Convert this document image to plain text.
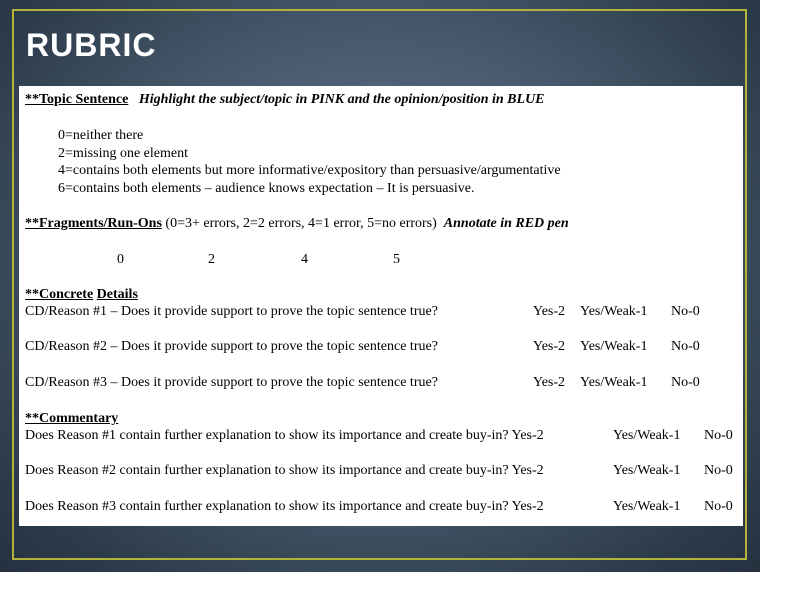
RUBRIC
**Topic Sentence Highlight the subject/topic in PINK and the opinion/position in BLUE
0=neither there
2=missing one element
4=contains both elements but more informative/expository than persuasive/argumentative
6=contains both elements – audience knows expectation – It is persuasive.
**Fragments/Run-Ons (0=3+ errors, 2=2 errors, 4=1 error, 5=no errors) Annotate in RED pen
0	2	4	5
**Concrete Details
CD/Reason #1 – Does it provide support to prove the topic sentence true?	Yes-2 Yes/Weak-1 No-0
CD/Reason #2 – Does it provide support to prove the topic sentence true?	Yes-2 Yes/Weak-1 No-0
CD/Reason #3 – Does it provide support to prove the topic sentence true?	Yes-2 Yes/Weak-1 No-0
**Commentary
Does Reason #1 contain further explanation to show its importance and create buy-in? Yes-2	Yes/Weak-1 No-0
Does Reason #2 contain further explanation to show its importance and create buy-in? Yes-2	Yes/Weak-1 No-0
Does Reason #3 contain further explanation to show its importance and create buy-in? Yes-2	Yes/Weak-1 No-0
